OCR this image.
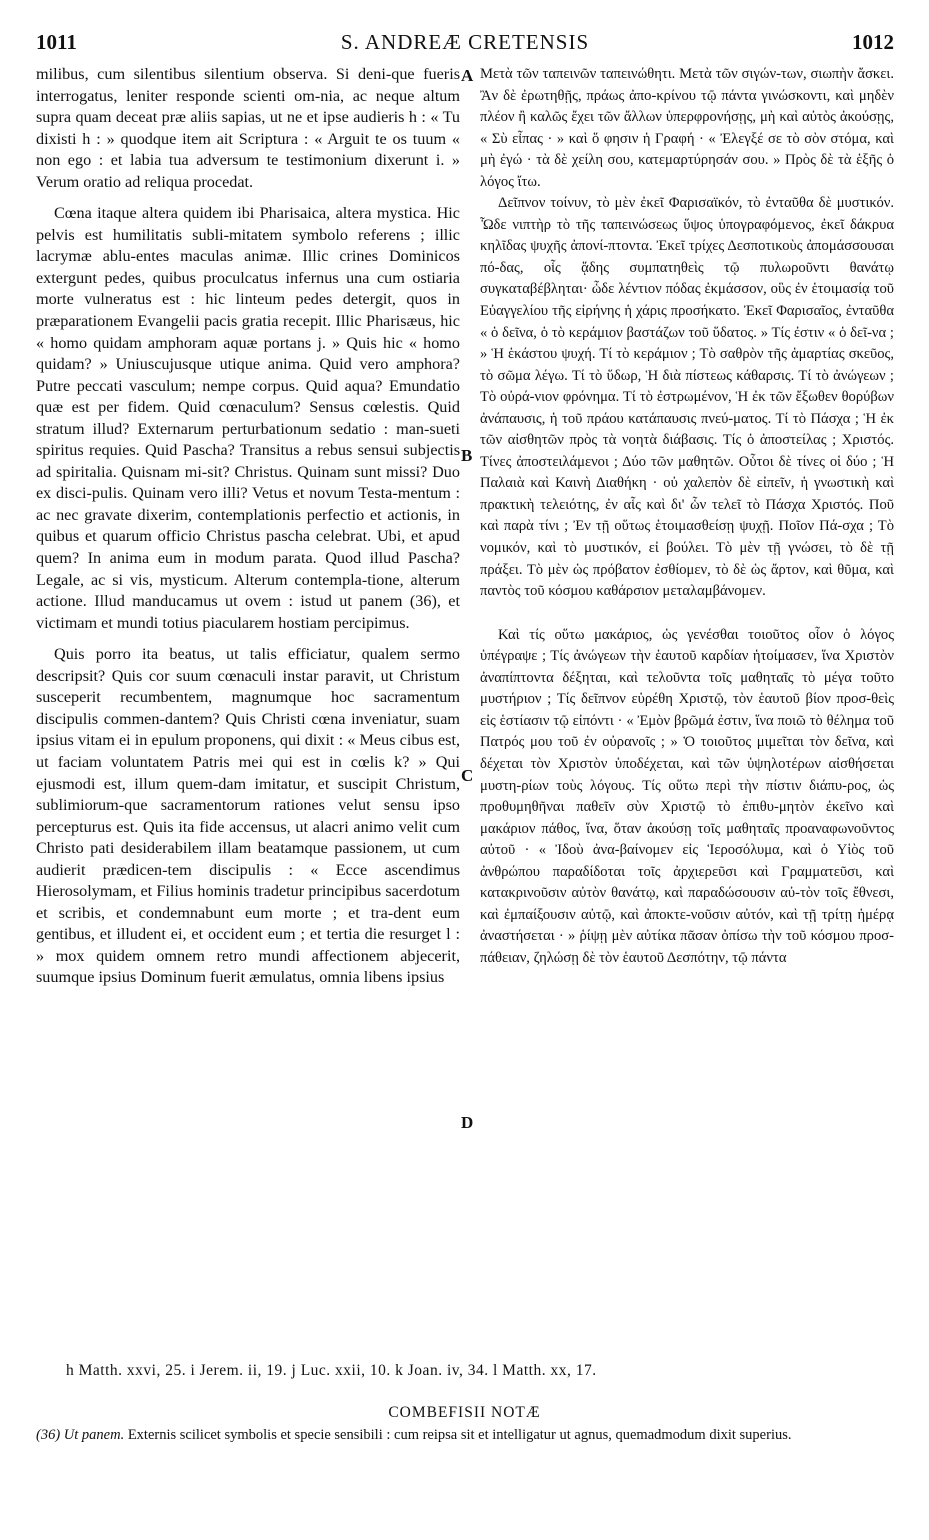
1011	S. ANDREÆ CRETENSIS	1012

milibus, cum silentibus silentium observa. Si deni-que fueris interrogatus, leniter responde scienti om-nia, ac neque altum supra quam deceat præ aliis sapias, ut ne et ipse audieris h : « Tu dixisti h : » quodque item ait Scriptura : « Arguit te os tuum « non ego : et labia tua adversum te testimonium dixerunt i. » Verum oratio ad reliqua procedat.

Cœna itaque altera quidem ibi Pharisaica, altera mystica. Hic pelvis est humilitatis subli-mitatem symbolo referens ; illic lacrymæ ablu-entes maculas animæ. Illic crines Dominicos extergunt pedes, quibus proculcatus infernus una cum ostiaria morte vulneratus est : hic linteum pedes detergit, quos in præparationem Evangelii pacis gratia recepit. Illic Pharisæus, hic « homo quidam amphoram aquæ portans j. » Quis hic « homo quidam? » Uniuscujusque utique anima. Quid vero amphora? Putre peccati vasculum; nempe corpus. Quid aqua? Emundatio quæ est per fidem. Quid cœnaculum? Sensus cœlestis. Quid stratum illud? Externarum perturbationum sedatio : man-sueti spiritus requies. Quid Pascha? Transitus a rebus sensui subjectis ad spiritalia. Quisnam mi-sit? Christus. Quinam sunt missi? Duo ex disci-pulis. Quinam vero illi? Vetus et novum Testa-mentum : ac nec gravate dixerim, contemplationis perfectio et actionis, in quibus et quarum officio Christus pascha celebrat. Ubi, et apud quem? In anima eum in modum parata. Quod illud Pascha? Legale, ac si vis, mysticum. Alterum contempla-tione, alterum actione. Illud manducamus ut ovem : istud ut panem (36), et victimam et mundi totius piacularem hostiam percipimus.

Quis porro ita beatus, ut talis efficiatur, qualem sermo descripsit? Quis cor suum cœnaculi instar paravit, ut Christum susceperit recumbentem, magnumque hoc sacramentum discipulis commen-dantem? Quis Christi cœna inveniatur, suam ipsius vitam ei in epulum proponens, qui dixit : « Meus cibus est, ut faciam voluntatem Patris mei qui est in cœlis k? » Qui ejusmodi est, illum quem-dam imitatur, et suscipit Christum, sublimiorum-que sacramentorum rationes velut sensu ipso percepturus est. Quis ita fide accensus, ut alacri animo velit cum Christo pati desiderabilem illam beatamque passionem, ut cum audierit prædicen-tem discipulis : « Ecce ascendimus Hierosolymam, et Filius hominis tradetur principibus sacerdotum et scribis, et condemnabunt eum morte ; et tra-dent eum gentibus, et illudent ei, et occident eum ; et tertia die resurget l : » mox quidem omnem retro mundi affectionem abjecerit, suumque ipsius Dominum fuerit æmulatus, omnia libens ipsius

A
B
C
D

Μετὰ τῶν ταπεινῶν ταπεινώθητι. Μετὰ τῶν σιγών-των, σιωπὴν ἄσκει. Ἂν δὲ ἐρωτηθῇς, πράως ἀπο-κρίνου τῷ πάντα γινώσκοντι, καὶ μηδὲν πλέον ἢ καλῶς ἔχει τῶν ἄλλων ὑπερφρονήσῃς, μὴ καὶ αὐτὸς ἀκούσῃς, « Σὺ εἶπας · » καὶ ὅ φησιν ἡ Γραφή · « Ἐλεγξέ σε τὸ σὸν στόμα, καὶ μὴ ἐγώ · τὰ δὲ χείλη σου, κατεμαρτύρησάν σου. » Πρὸς δὲ τὰ ἑξῆς ὁ λόγος ἴτω.

Δεῖπνον τοίνυν, τὸ μὲν ἐκεῖ Φαρισαϊκόν, τὸ ἐνταῦθα δὲ μυστικόν. Ὧδε νιπτὴρ τὸ τῆς ταπεινώσεως ὕψος ὑπογραφόμενος, ἐκεῖ δάκρυα κηλῖδας ψυχῆς ἀπονί-πτοντα. Ἐκεῖ τρίχες Δεσποτικοὺς ἀπομάσσουσαι πό-δας, οἷς ᾅδης συμπατηθεὶς τῷ πυλωροῦντι θανάτῳ συγκαταβέβληται· ὧδε λέντιον πόδας ἐκμάσσον, οὓς ἐν ἑτοιμασίᾳ τοῦ Εὐαγγελίου τῆς εἰρήνης ἡ χάρις προσήκατο. Ἐκεῖ Φαρισαῖος, ἐνταῦθα « ὁ δεῖνα, ὁ τὸ κεράμιον βαστάζων τοῦ ὕδατος. » Τίς ἐστιν « ὁ δεῖ-να ; » Ἡ ἑκάστου ψυχή. Τί τὸ κεράμιον ; Τὸ σαθρὸν τῆς ἁμαρτίας σκεῦος, τὸ σῶμα λέγω. Τί τὸ ὕδωρ, Ἡ διὰ πίστεως κάθαρσις. Τί τὸ ἀνώγεων ; Τὸ οὐρά-νιον φρόνημα. Τί τὸ ἐστρωμένον, Ἡ ἐκ τῶν ἔξωθεν θορύβων ἀνάπαυσις, ἡ τοῦ πράου κατάπαυσις πνεύ-ματος. Τί τὸ Πάσχα ; Ἡ ἐκ τῶν αἰσθητῶν πρὸς τὰ νοητὰ διάβασις. Τίς ὁ ἀποστείλας ; Χριστός. Τίνες ἀποστειλάμενοι ; Δύο τῶν μαθητῶν. Οὗτοι δὲ τίνες οἱ δύο ; Ἡ Παλαιὰ καὶ Καινὴ Διαθήκη · οὐ χαλεπὸν δὲ εἰπεῖν, ἡ γνωστικὴ καὶ πρακτικὴ τελειότης, ἐν αἷς καὶ δι' ὧν τελεῖ τὸ Πάσχα Χριστός. Ποῦ καὶ παρὰ τίνι ; Ἐν τῇ οὕτως ἑτοιμασθείσῃ ψυχῇ. Ποῖον Πά-σχα ; Τὸ νομικόν, καὶ τὸ μυστικόν, εἰ βούλει. Τὸ μὲν τῇ γνώσει, τὸ δὲ τῇ πράξει. Τὸ μὲν ὡς πρόβατον ἐσθίομεν, τὸ δὲ ὡς ἄρτον, καὶ θῦμα, καὶ παντὸς τοῦ κόσμου καθάρσιον μεταλαμβάνομεν.

Καὶ τίς οὕτω μακάριος, ὡς γενέσθαι τοιοῦτος οἷον ὁ λόγος ὑπέγραψε ; Τίς ἀνώγεων τὴν ἑαυτοῦ καρδίαν ἡτοίμασεν, ἵνα Χριστὸν ἀναπίπτοντα δέξηται, καὶ τελοῦντα τοῖς μαθηταῖς τὸ μέγα τοῦτο μυστήριον ; Τίς δεῖπνον εὑρέθη Χριστῷ, τὸν ἑαυτοῦ βίον προσ-θεὶς εἰς ἑστίασιν τῷ εἰπόντι · « Ἐμὸν βρῶμά ἐστιν, ἵνα ποιῶ τὸ θέλημα τοῦ Πατρός μου τοῦ ἐν οὐρανοῖς ; » Ὁ τοιοῦτος μιμεῖται τὸν δεῖνα, καὶ δέχεται τὸν Χριστὸν ὑποδέχεται, καὶ τῶν ὑψηλοτέρων αἰσθήσεται μυστη-ρίων τοὺς λόγους. Τίς οὕτω περὶ τὴν πίστιν διάπυ-ρος, ὡς προθυμηθῆναι παθεῖν σὺν Χριστῷ τὸ ἐπιθυ-μητὸν ἐκεῖνο καὶ μακάριον πάθος, ἵνα, ὅταν ἀκούσῃ τοῖς μαθηταῖς προαναφωνοῦντος αὐτοῦ · « Ἰδοὺ ἀνα-βαίνομεν εἰς Ἱεροσόλυμα, καὶ ὁ Υἱὸς τοῦ ἀνθρώπου παραδίδοται τοῖς ἀρχιερεῦσι καὶ Γραμματεῦσι, καὶ κατακρινοῦσιν αὐτὸν θανάτῳ, καὶ παραδώσουσιν αὐ-τὸν τοῖς ἔθνεσι, καὶ ἐμπαίξουσιν αὐτῷ, καὶ ἀποκτε-νοῦσιν αὐτόν, καὶ τῇ τρίτῃ ἡμέρᾳ ἀναστήσεται · » ῥίψῃ μὲν αὐτίκα πᾶσαν ὀπίσω τὴν τοῦ κόσμου προσ-πάθειαν, ζηλώσῃ δὲ τὸν ἑαυτοῦ Δεσπότην, τῷ πάντα

h Matth. xxvi, 25. i Jerem. ii, 19. j Luc. xxii, 10. k Joan. iv, 34. l Matth. xx, 17.
COMBEFISII NOTÆ
(36) Ut panem. Externis scilicet symbolis et specie sensibili : cum reipsa sit et intelligatur ut agnus, quemadmodum dixit superius.
